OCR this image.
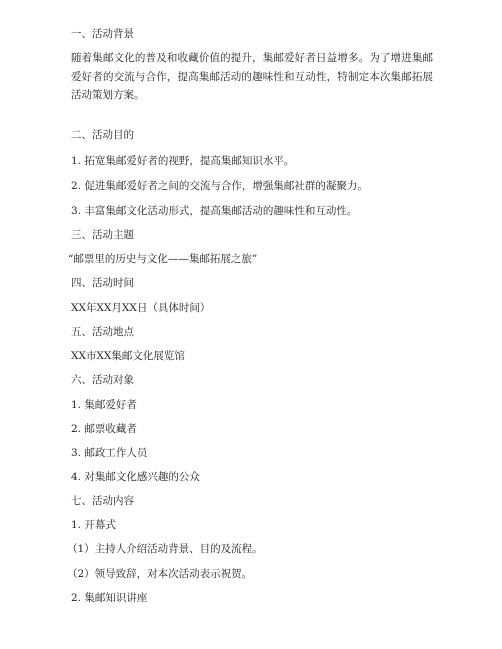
一、活动背景
随着集邮文化的普及和收藏价值的提升，集邮爱好者日益增多。为了增进集邮爱好者的交流与合作，提高集邮活动的趣味性和互动性，特制定本次集邮拓展活动策划方案。
二、活动目的
1. 拓宽集邮爱好者的视野，提高集邮知识水平。
2. 促进集邮爱好者之间的交流与合作，增强集邮社群的凝聚力。
3. 丰富集邮文化活动形式，提高集邮活动的趣味性和互动性。
三、活动主题
“邮票里的历史与文化——集邮拓展之旅”
四、活动时间
XX年XX月XX日（具体时间）
五、活动地点
XX市XX集邮文化展览馆
六、活动对象
1. 集邮爱好者
2. 邮票收藏者
3. 邮政工作人员
4. 对集邮文化感兴趣的公众
七、活动内容
1. 开幕式
（1）主持人介绍活动背景、目的及流程。
（2）领导致辞，对本次活动表示祝贺。
2. 集邮知识讲座
